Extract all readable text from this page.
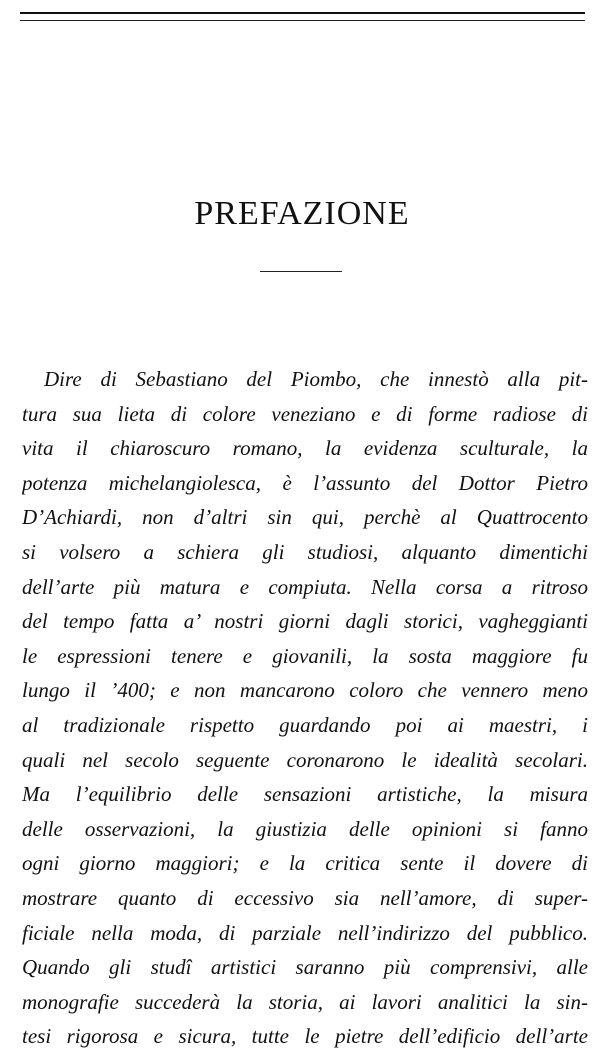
PREFAZIONE
Dire di Sebastiano del Piombo, che innestò alla pit-
tura sua lieta di colore veneziano e di forme radiose di
vita il chiaroscuro romano, la evidenza sculturale, la
potenza michelangiolesca, è l’assunto del Dottor Pietro
D’Achiardi, non d’altri sin qui, perchè al Quattrocento
si volsero a schiera gli studiosi, alquanto dimentichi
dell’arte più matura e compiuta. Nella corsa a ritroso
del tempo fatta a’ nostri giorni dagli storici, vagheggianti
le espressioni tenere e giovanili, la sosta maggiore fu
lungo il ’400; e non mancarono coloro che vennero meno
al tradizionale rispetto guardando poi ai maestri, i
quali nel secolo seguente coronarono le idealità secolari.
Ma l’equilibrio delle sensazioni artistiche, la misura
delle osservazioni, la giustizia delle opinioni si fanno
ogni giorno maggiori; e la critica sente il dovere di
mostrare quanto di eccessivo sia nell’amore, di super-
ficiale nella moda, di parziale nell’indirizzo del pubblico.
Quando gli studî artistici saranno più comprensivi, alle
monografie succederà la storia, ai lavori analitici la sin-
tesi rigorosa e sicura, tutte le pietre dell’edificio dell’arte
